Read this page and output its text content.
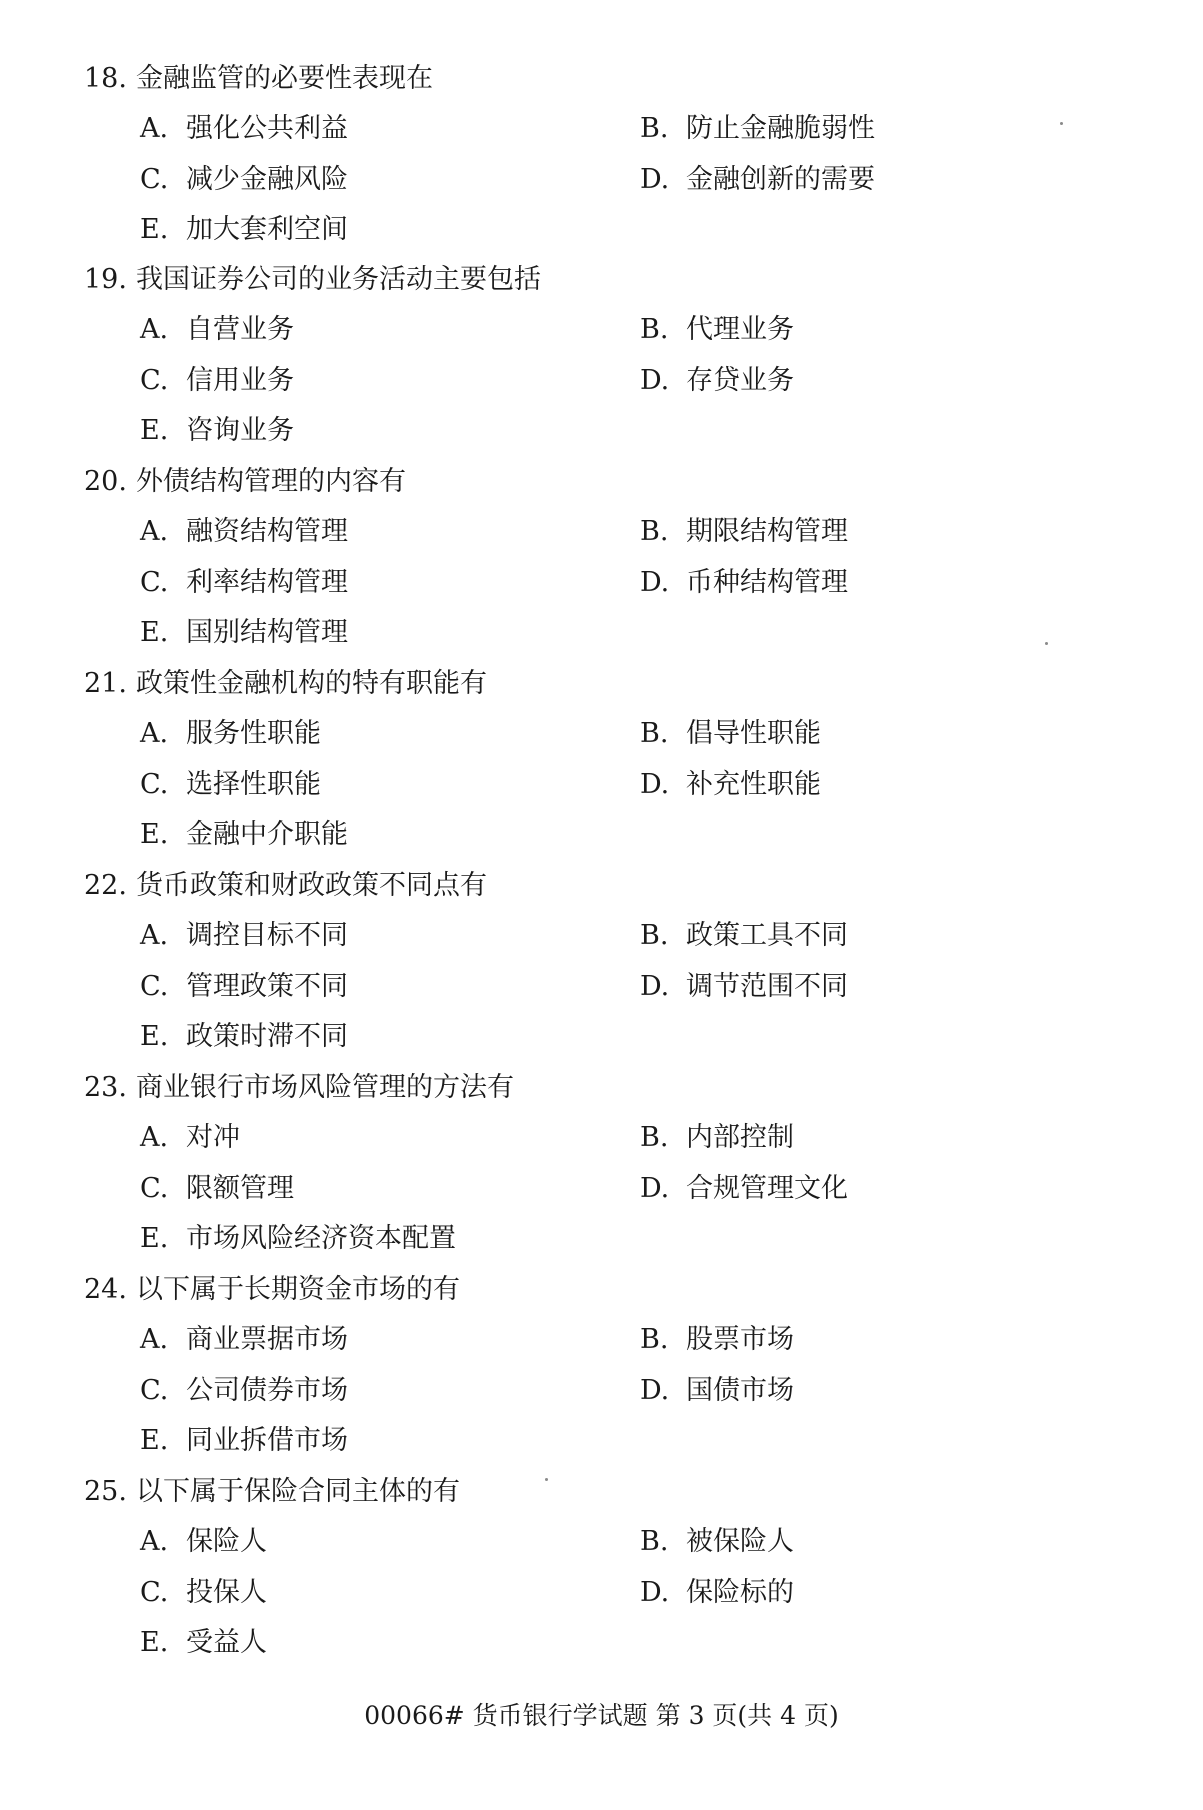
18. 金融监管的必要性表现在
A. 强化公共利益	B. 防止金融脆弱性
C. 减少金融风险	D. 金融创新的需要
E. 加大套利空间
19. 我国证券公司的业务活动主要包括
A. 自营业务	B. 代理业务
C. 信用业务	D. 存贷业务
E. 咨询业务
20. 外债结构管理的内容有
A. 融资结构管理	B. 期限结构管理
C. 利率结构管理	D. 币种结构管理
E. 国别结构管理
21. 政策性金融机构的特有职能有
A. 服务性职能	B. 倡导性职能
C. 选择性职能	D. 补充性职能
E. 金融中介职能
22. 货币政策和财政政策不同点有
A. 调控目标不同	B. 政策工具不同
C. 管理政策不同	D. 调节范围不同
E. 政策时滞不同
23. 商业银行市场风险管理的方法有
A. 对冲	B. 内部控制
C. 限额管理	D. 合规管理文化
E. 市场风险经济资本配置
24. 以下属于长期资金市场的有
A. 商业票据市场	B. 股票市场
C. 公司债券市场	D. 国债市场
E. 同业拆借市场
25. 以下属于保险合同主体的有
A. 保险人	B. 被保险人
C. 投保人	D. 保险标的
E. 受益人
00066# 货币银行学试题 第 3 页(共 4 页)
